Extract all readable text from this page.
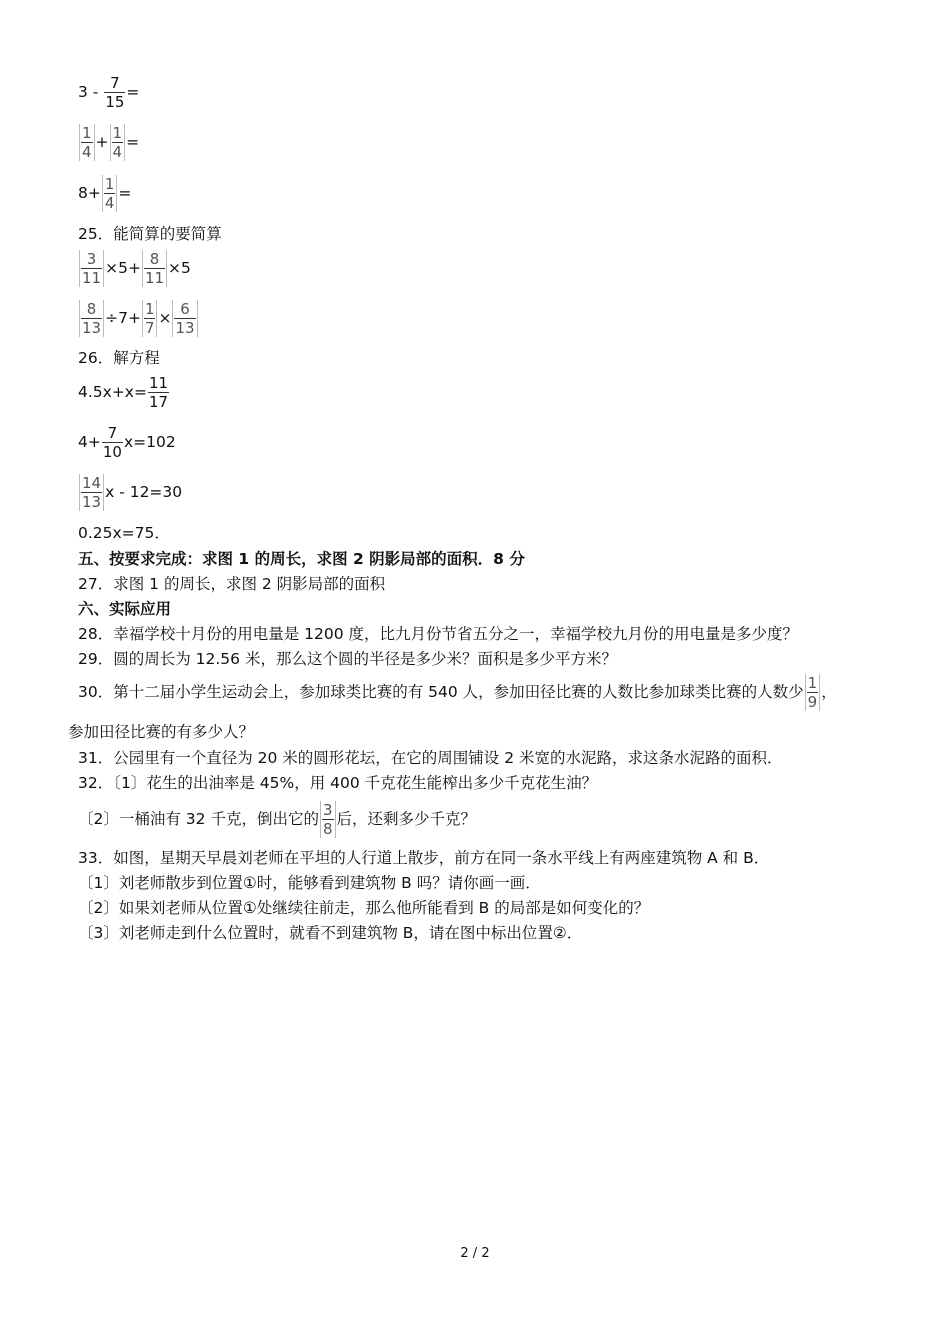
$3 - \frac{7}{15}$ =
$\frac{1}{4} + \frac{1}{4}$ =
$8+ \frac{1}{4}$ =
25．能简算的要简算
$\frac{3}{11} \times 5+ \frac{8}{11} \times 5$
$\frac{8}{13} \div 7+ \frac{1}{7} \times \frac{6}{13}$
26．解方程
$4.5x+x= \frac{11}{17}$
$4+ \frac{7}{10} x=102$
$\frac{14}{13}$ x - 12=30
0.25x=75．
五、按要求完成：求图 1 的周长，求图 2 阴影局部的面积．8 分
27．求图 1 的周长，求图 2 阴影局部的面积
六、实际应用
28．幸福学校十月份的用电量是 1200 度，比九月份节省五分之一，幸福学校九月份的用电量是多少度？
29．圆的周长为 12.56 米，那么这个圆的半径是多少米？面积是多少平方米？
30．第十二届小学生运动会上，参加球类比赛的有 540 人，参加田径比赛的人数比参加球类比赛的人数少 $\frac{1}{9}$ ，
参加田径比赛的有多少人？
31．公园里有一个直径为 20 米的圆形花坛，在它的周围铺设 2 米宽的水泥路，求这条水泥路的面积．
32．〔1〕花生的出油率是 45%，用 400 千克花生能榨出多少千克花生油？
〔2〕一桶油有 32 千克，倒出它的 $\frac{3}{8}$ 后，还剩多少千克？
33．如图，星期天早晨刘老师在平坦的人行道上散步，前方在同一条水平线上有两座建筑物 A 和 B．
〔1〕刘老师散步到位置①时，能够看到建筑物 B 吗？请你画一画．
〔2〕如果刘老师从位置①处继续往前走，那么他所能看到 B 的局部是如何变化的？
〔3〕刘老师走到什么位置时，就看不到建筑物 B，请在图中标出位置②．
2 / 2
